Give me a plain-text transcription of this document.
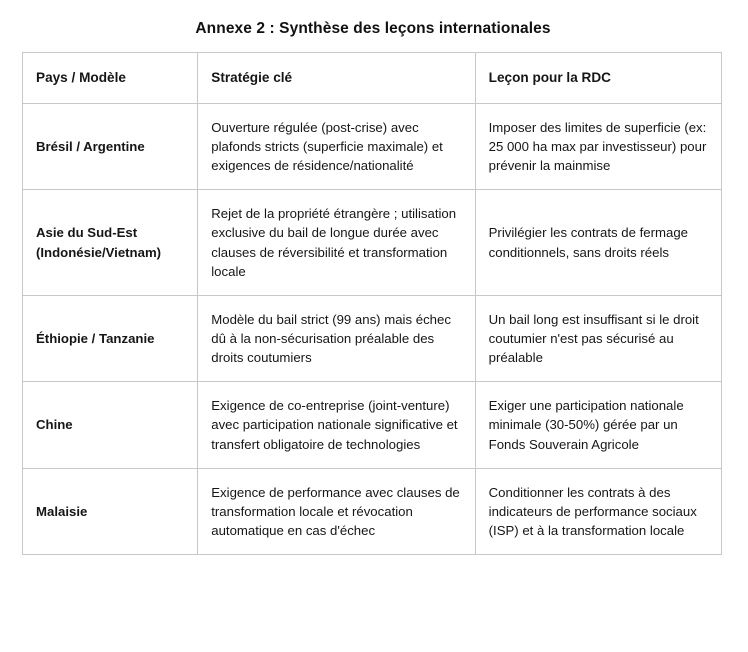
Annexe 2 : Synthèse des leçons internationales
Pays / Modèle	Stratégie clé	Leçon pour la RDC

Brésil / Argentine	Ouverture régulée (post-crise) avec plafonds stricts (superficie maximale) et exigences de résidence/nationalité	Imposer des limites de superficie (ex: 25 000 ha max par investisseur) pour prévenir la mainmise

Asie du Sud-Est (Indonésie/Vietnam)	Rejet de la propriété étrangère ; utilisation exclusive du bail de longue durée avec clauses de réversibilité et transformation locale	Privilégier les contrats de fermage conditionnels, sans droits réels

Éthiopie / Tanzanie	Modèle du bail strict (99 ans) mais échec dû à la non-sécurisation préalable des droits coutumiers	Un bail long est insuffisant si le droit coutumier n'est pas sécurisé au préalable

Chine	Exigence de co-entreprise (joint-venture) avec participation nationale significative et transfert obligatoire de technologies	Exiger une participation nationale minimale (30-50%) gérée par un Fonds Souverain Agricole

Malaisie	Exigence de performance avec clauses de transformation locale et révocation automatique en cas d'échec	Conditionner les contrats à des indicateurs de performance sociaux (ISP) et à la transformation locale
